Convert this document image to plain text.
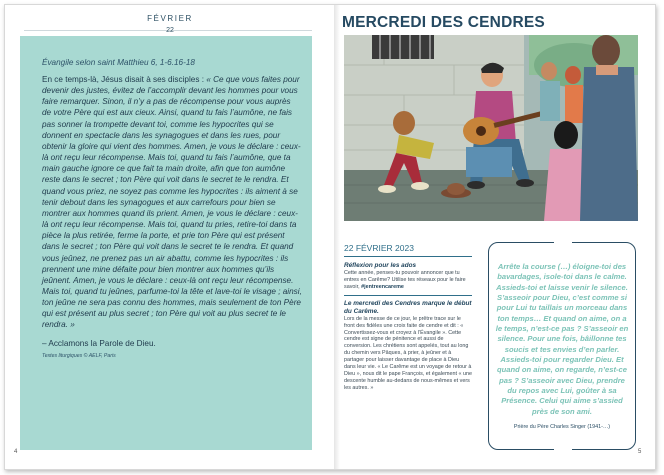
FÉVRIER
22
Évangile selon saint Matthieu 6, 1-6.16-18
En ce temps-là, Jésus disait à ses disciples : « Ce que vous faites pour devenir des justes, évitez de l’accomplir devant les hommes pour vous faire remarquer. Sinon, il n’y a pas de récompense pour vous auprès de votre Père qui est aux cieux. Ainsi, quand tu fais l’aumône, ne fais pas sonner la trompette devant toi, comme les hypocrites qui se donnent en spectacle dans les synagogues et dans les rues, pour obtenir la gloire qui vient des hommes. Amen, je vous le déclare : ceux-là ont reçu leur récompense. Mais toi, quand tu fais l’aumône, que ta main gauche ignore ce que fait ta main droite, afin que ton aumône reste dans le secret ; ton Père qui voit dans le secret te le rendra. Et quand vous priez, ne soyez pas comme les hypocrites : ils aiment à se tenir debout dans les synagogues et aux carrefours pour bien se montrer aux hommes quand ils prient. Amen, je vous le déclare : ceux-là ont reçu leur récompense. Mais toi, quand tu pries, retire-toi dans ta pièce la plus retirée, ferme la porte, et prie ton Père qui est présent dans le secret ; ton Père qui voit dans le secret te le rendra. Et quand vous jeûnez, ne prenez pas un air abattu, comme les hypocrites : ils prennent une mine défaite pour bien montrer aux hommes qu’ils jeûnent. Amen, je vous le déclare : ceux-là ont reçu leur récompense. Mais toi, quand tu jeûnes, parfume-toi la tête et lave-toi le visage ; ainsi, ton jeûne ne sera pas connu des hommes, mais seulement de ton Père qui est présent au plus secret ; ton Père qui voit au plus secret te le rendra. »
– Acclamons la Parole de Dieu.
Textes liturgiques © AELF, Paris
4
MERCREDI DES CENDRES
22 FÉVRIER 2023
Réflexion pour les ados
Cette année, penses-tu pouvoir annoncer que tu entres en Carême? Utilise tes réseaux pour le faire savoir, #jentreencareme
Le mercredi des Cendres marque le début du Carême.
Lors de la messe de ce jour, le prêtre trace sur le front des fidèles une croix faite de cendre et dit : « Convertissez-vous et croyez à l’Évangile ». Cette cendre est signe de pénitence et aussi de conversion. Les chrétiens sont appelés, tout au long du chemin vers Pâques, à prier, à jeûner et à partager pour laisser davantage de place à Dieu dans leur vie. « Le Carême est un voyage de retour à Dieu », nous dit le pape François, et également « une descente humble au-dedans de nous-mêmes et vers les autres. »
Arrête la course (…) éloigne-toi des bavardages, isole-toi dans le calme. Assieds-toi et laisse venir le silence. S’asseoir pour Dieu, c’est comme si pour Lui tu taillais un morceau dans ton temps… Et quand on aime, on a le temps, n’est-ce pas ? S’asseoir en silence. Pour une fois, bâillonne tes soucis et tes envies d’en parler. Assieds-toi pour regarder Dieu. Et quand on aime, on regarde, n’est-ce pas ? S’asseoir avec Dieu, prendre du repos avec Lui, goûter à sa Présence. Celui qui aime s’assied près de son ami.
Prière du Père Charles Singer (1941-…)
5
